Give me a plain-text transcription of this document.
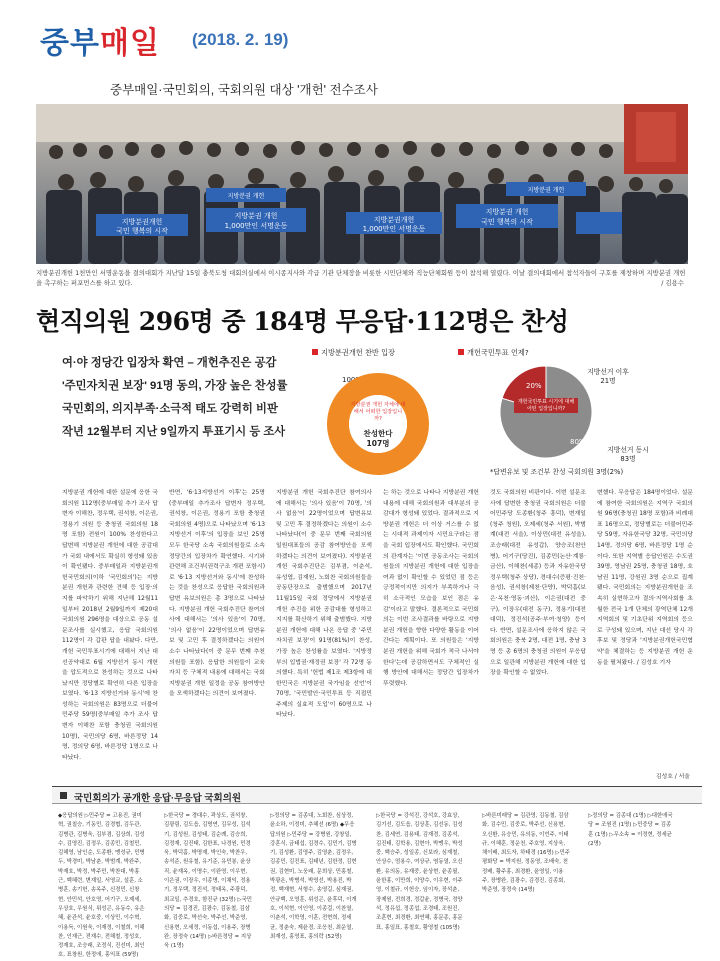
중부매일 (2018. 2. 19)
중부매일·국민회의, 국회의원 대상 '개헌' 전수조사
지방분권개헌
국민 행복의 시작
지방분권 개헌
1,000만인 서명운동
지방분권개헌
1,000만인 서명운동
지방분권 개헌
국민 행복의 시작
지방분권 개헌
지방분권 개헌
지방분권개헌 1천만인 서명운동을 결의대회가 지난달 15일 충북도청 대회의실에서 이시종지사와 각급 기관 단체장을 비롯한 시민단체와 직능단체회원 등이 참석해 열렸다. 이날 결의대회에서 참석자들이 구호를 제창하며 지방분권 개헌을 촉구하는 퍼포먼스를 하고 있다.	/ 김용수
현직의원 296명 중 184명 무응답·112명은 찬성
여·야 정당간 입장차 확연 – 개헌추진은 공감
'주민자치권 보장' 91명 동의, 가장 높은 찬성률
국민회의, 의지부족·소극적 태도 강력히 비판
작년 12월부터 지난 9일까지 투표기시 등 조사
지방분권개헌 찬반 입장
100%
지방분권 개헌 자체에 대해서 어떠한 입장입니까?
찬성한다
107명
개헌국민투표 언제?
개헌국민투표 시기에 대해 어떤 입장입니까?
20%
80%
지방선거 이후
21명
지방선거 동시
83명
*답변유보 및 조건부 찬성 국회의원 3명(2%)
지방분권 개헌에 대한 설문에 응한 국회의원 112명(중부매일 추가 조사 답변자 이해찬, 정우택, 권석창, 이은권, 정용기 의원 등 충청권 국회의원 18명 포함) 전원이 100% 찬성한다고 답변해 지방분권 개헌에 대한 공감대가 국회 내에서도 확실히 형성돼 있음이 확인됐다. 중부매일과 지방분권개헌국민회의(이하 '국민회의')는 지방분권 개헌과 관련한 견해 등 입장·의지를 파악하기 위해 지난해 12월11일부터 2018년 2월9일까지 제20대 국회의원 296명을 대상으로 공동 설문조사를 실시했고, 응답 국회의원 112명이 각 갑판 답을 내놨다. 다만, 개헌 국민투표시기에 대해서 지난 대선공약대로 6월 지방선거 동시 개헌을 압도적으로 찬성하는 것으로 나타났지만 정당별로 확연히 다른 입장을 보였다. '6·13 지방선거와 동시'에 찬성하는 국회의원은 83명으로 더불어민주당 59명(중부매일 추가 조사 답변자 이해찬 포함 충청권 국회의원 10명), 국민의당 6명, 바른정당 14명, 정의당 6명, 바른정당 1명으로 나타났다.
반면, '6·13지방선거 이후'는 25명(중부매일 추가조사 답변자 정우택, 권석창, 이은권, 정용기 포함 충청권 국회의원 4명)으로 나타났으며 '6·13지방선거 이후'의 입장을 보인 25명 모두 한국당 소속 국회의원들로 소속정당간의 입장차가 확연했다. 시기와 관련해 조건부(권력구조 개편 포함시)로 '6·13 지방선거와 동시'에 찬성하는 것을 찬성으로 응답한 국회의원과 답변 유보의원은 총 3명으로 나타났다. 지방분권 개헌 국회추진단 참여의사에 대해서는 '의사 있음'이 70명, '의사 없음'이 22명이었으며 답변유보 및 고민 후 결정하겠다는 의원이 소수 나타났다(이 중 문무 번째 추천 의원들 포함). 응답한 의원들이 교육자치 등 구체적 내용에 대해서는 국회 지방분권 개헌 일정을 공동 참여방안을 모색하겠다는 의견이 보여졌다.
지방분권 개헌 국회추진단 참여의사에 대해서는 '의사 있음'이 70명, '의사 없음'이 22명이었으며 답변유보 및 고민 후 결정하겠다는 의원이 소수 나타났다(이 중 문무 번째 국회의원 일원대표들의 공감 참여방안을 모색하겠다는 의견이 보여졌다). 지방분권 개헌 국회추진단은 김부겸, 이춘석, 유성엽, 김재원, 노회찬 국회의원들을 공동단장으로 출범했으며 2017년 11월15일 국회 정당에서 지방분권 개헌 추진을 위한 공감대를 형성하고 지지를 확산하기 위해 출범했다. 지방분권 개헌에 대해 나온 응답 중 '주민자치권 보장'이 91명(81%)이 찬성, 가장 높은 찬성률을 보였다. '지방정부의 입법권·재정권 보장' 각 72명 동의했다. 특히 '헌법 제1조 제3항에 대한민국은 지방분권 국가임을 선언'이 70명, '국민발안·국민투표 등 직접민주제의 실효적 도입'이 60명으로 나타났다.
는 하는 것으로 나타나 지방분권 개헌 내용에 대해 국회의원과 대부분의 공감대가 형성돼 있었다. 결과적으로 지방분권 개헌은 더 이상 거스를 수 없는 시대적 과제이자 시민요구라는 점을 국회 입장에서도 확인했다. 국민회의 관계자는 '이번 공동조사는 국회의원들의 지방분권 개헌에 대한 입장을 여과 없이 확인할 수 있었던 점 등은 긍정적이지만 의지가 부족하거나 극히 소극적인 모습을 보인 점은 유감'이라고 말했다. 결론적으로 국민회의는 이번 조사결과를 바탕으로 지방분권 개헌을 향한 다양한 활동을 이어간다는 계획이다. 또 의원들은 '지방분권 개헌을 위해 국회가 적극 나서야 한다'는데 공감하면서도 구체적인 실행 방안에 대해서는 정당간 입장차가 뚜렷했다.
것도 국회의원 비판이다. 이번 설문조사에 답변한 충청권 국회의원은 더불어민주당 도종환(청주 흥덕), 변재일(청주 청원), 오제세(청주 서원), 박범계(대전 서을), 이상민(대전 유성을), 조승래(대전 유성갑), 양승조(천안병), 어기구(당진), 김종민(논산·계룡·금산), 이해찬(세종) 등과 자유한국당 정우택(청주 상당), 경대수(증평·진천·음성), 권석창(제천·단양), 박덕흠(보은·옥천·영동·괴산), 이은권(대전 중구), 이장우(대전 동구), 정용기(대전 대덕), 정진석(공주·부여·청양) 등이다. 반면, 설문조사에 응하지 않은 국회의원은 충북 2명, 대전 1명, 충남 3명 등 총 6명의 충청권 의원이 무응답으로 일관해 지방분권 개헌에 대한 입장을 확인할 수 없었다.
변했다. 무응답은 184명이었다. 설문에 참여한 국회의원은 지역구 국회의원 96명(충청권 18명 포함)과 비례대표 16명으로, 정당별로는 더불어민주당 59명, 자유한국당 32명, 국민의당 14명, 정의당 6명, 바른정당 1명 순이다. 또한 지역별 응답인원은 수도권 39명, 영남권 25명, 충청권 18명, 호남권 11명, 강원권 3명 순으로 집계됐다. 국민회의는 지방분권개헌을 조속히 실현하고자 결의·지역사회를 초월한 전국 1개 단체의 광역단체 12개 지역회의 및 기초단위 지역회의 등으로 구성돼 있으며, 지난 대선 당시 각 후보 및 정당과 '지방분권개헌국민협약'을 체결하는 등 지방분권 개헌 운동을 펼쳐왔다. / 김성호 기자
김성호 / 서울
국민회의가 공개한 응답·무응답 국회의원
◆응답의원 ▷민주당 = 고용진, 권미혁, 권칠승, 기동민, 김경협, 김두관, 김병관, 김병욱, 김부겸, 김상희, 김성수, 김영진, 김정우, 김종민, 김철민, 김해영, 남인순, 도종환, 맹성규, 민병두, 박경미, 박남춘, 박범계, 박완주, 박재호, 박정, 박주민, 박찬대, 박홍근, 백혜련, 변재일, 서영교, 설훈, 소병훈, 송기헌, 송옥주, 신경민, 신창현, 안민석, 안호영, 어기구, 오제세, 우상호, 우원식, 위성곤, 유동수, 유은혜, 윤관석, 윤호중, 이상민, 이수혁, 이용득, 이원욱, 이재정, 이철희, 이해찬, 인재근, 전재수, 전해철, 정성호, 정재호, 조승래, 조정식, 진선미, 최인호, 표창원, 한정애, 홍익표 (59명)
▷한국당 = 경대수, 곽상도, 권석창, 김광림, 김도읍, 김명연, 김무성, 김석기, 김성원, 김성태, 김순례, 김승희, 김정재, 김진태, 김한표, 나경원, 민경욱, 박덕흠, 박명재, 박인숙, 박찬우, 송석준, 원유철, 유기준, 유민봉, 윤상직, 윤재옥, 이명수, 이완영, 이우현, 이은권, 이장우, 이종명, 이채익, 정용기, 정우택, 정진석, 정태옥, 주광덕, 최교일, 추경호, 함진규 (32명) ▷국민의당 = 김경진, 김광수, 김동철, 김삼화, 김중로, 박선숙, 박주선, 박준영, 신용현, 오세정, 이동섭, 이용주, 장병완, 장정숙 (14명) ▷바른정당 = 지상욱 (1명)
▷정의당 = 김종대, 노회찬, 심상정, 윤소하, 이정미, 추혜선 (6명) ◆무응답의원 ▷민주당 = 강병원, 강창일, 강훈식, 금태섭, 김경수, 김민기, 김병기, 김성환, 김영주, 김영춘, 김정우, 김종민, 김진표, 김태년, 김한정, 김현권, 김현미, 노웅래, 문희상, 민홍철, 박광온, 박병석, 박영선, 박용진, 박정, 백재현, 서형수, 송영길, 심재권, 안규백, 오영훈, 위성곤, 윤후덕, 이개호, 이석현, 이인영, 이종걸, 이찬열, 이춘석, 이학영, 이훈, 전현희, 정세균, 정춘숙, 제윤경, 조응천, 최운열, 최재성, 홍영표, 홍의락 (52명)
▷한국당 = 강석진, 강석호, 강효상, 김기선, 김도읍, 김상훈, 김선동, 김성찬, 김세연, 김용태, 김재경, 김종석, 김진태, 김학용, 김현아, 박맹우, 박성중, 백승주, 성일종, 신보라, 심재철, 안상수, 엄용수, 여상규, 염동열, 오신환, 유의동, 유재중, 윤상현, 윤종필, 윤한홍, 이만희, 이양수, 이우현, 이주영, 이철규, 이헌승, 임이자, 장석춘, 장제원, 전희경, 정갑윤, 정병국, 정양석, 정유섭, 정종섭, 조경태, 조원진, 조훈현, 최경환, 최연혜, 홍문종, 홍문표, 홍일표, 홍철호, 황영철 (105명)
▷바른미래당 = 김관영, 김동철, 김삼화, 김수민, 김중로, 박주선, 신용현, 오신환, 유승민, 유의동, 이언주, 이태규, 이혜훈, 정운천, 주호영, 지상욱, 채이배, 최도자, 하태경 (16명) ▷민주평화당 = 박지원, 정동영, 조배숙, 천정배, 황주홍, 최경환, 윤영일, 이용주, 장병완, 김광수, 김경진, 김종회, 박준영, 장정숙 (14명)
▷정의당 = 김종대 (1명) ▷대한애국당 = 조원진 (1명) ▷민중당 = 김종훈 (1명) ▷무소속 = 이정현, 정세균 (2명)
